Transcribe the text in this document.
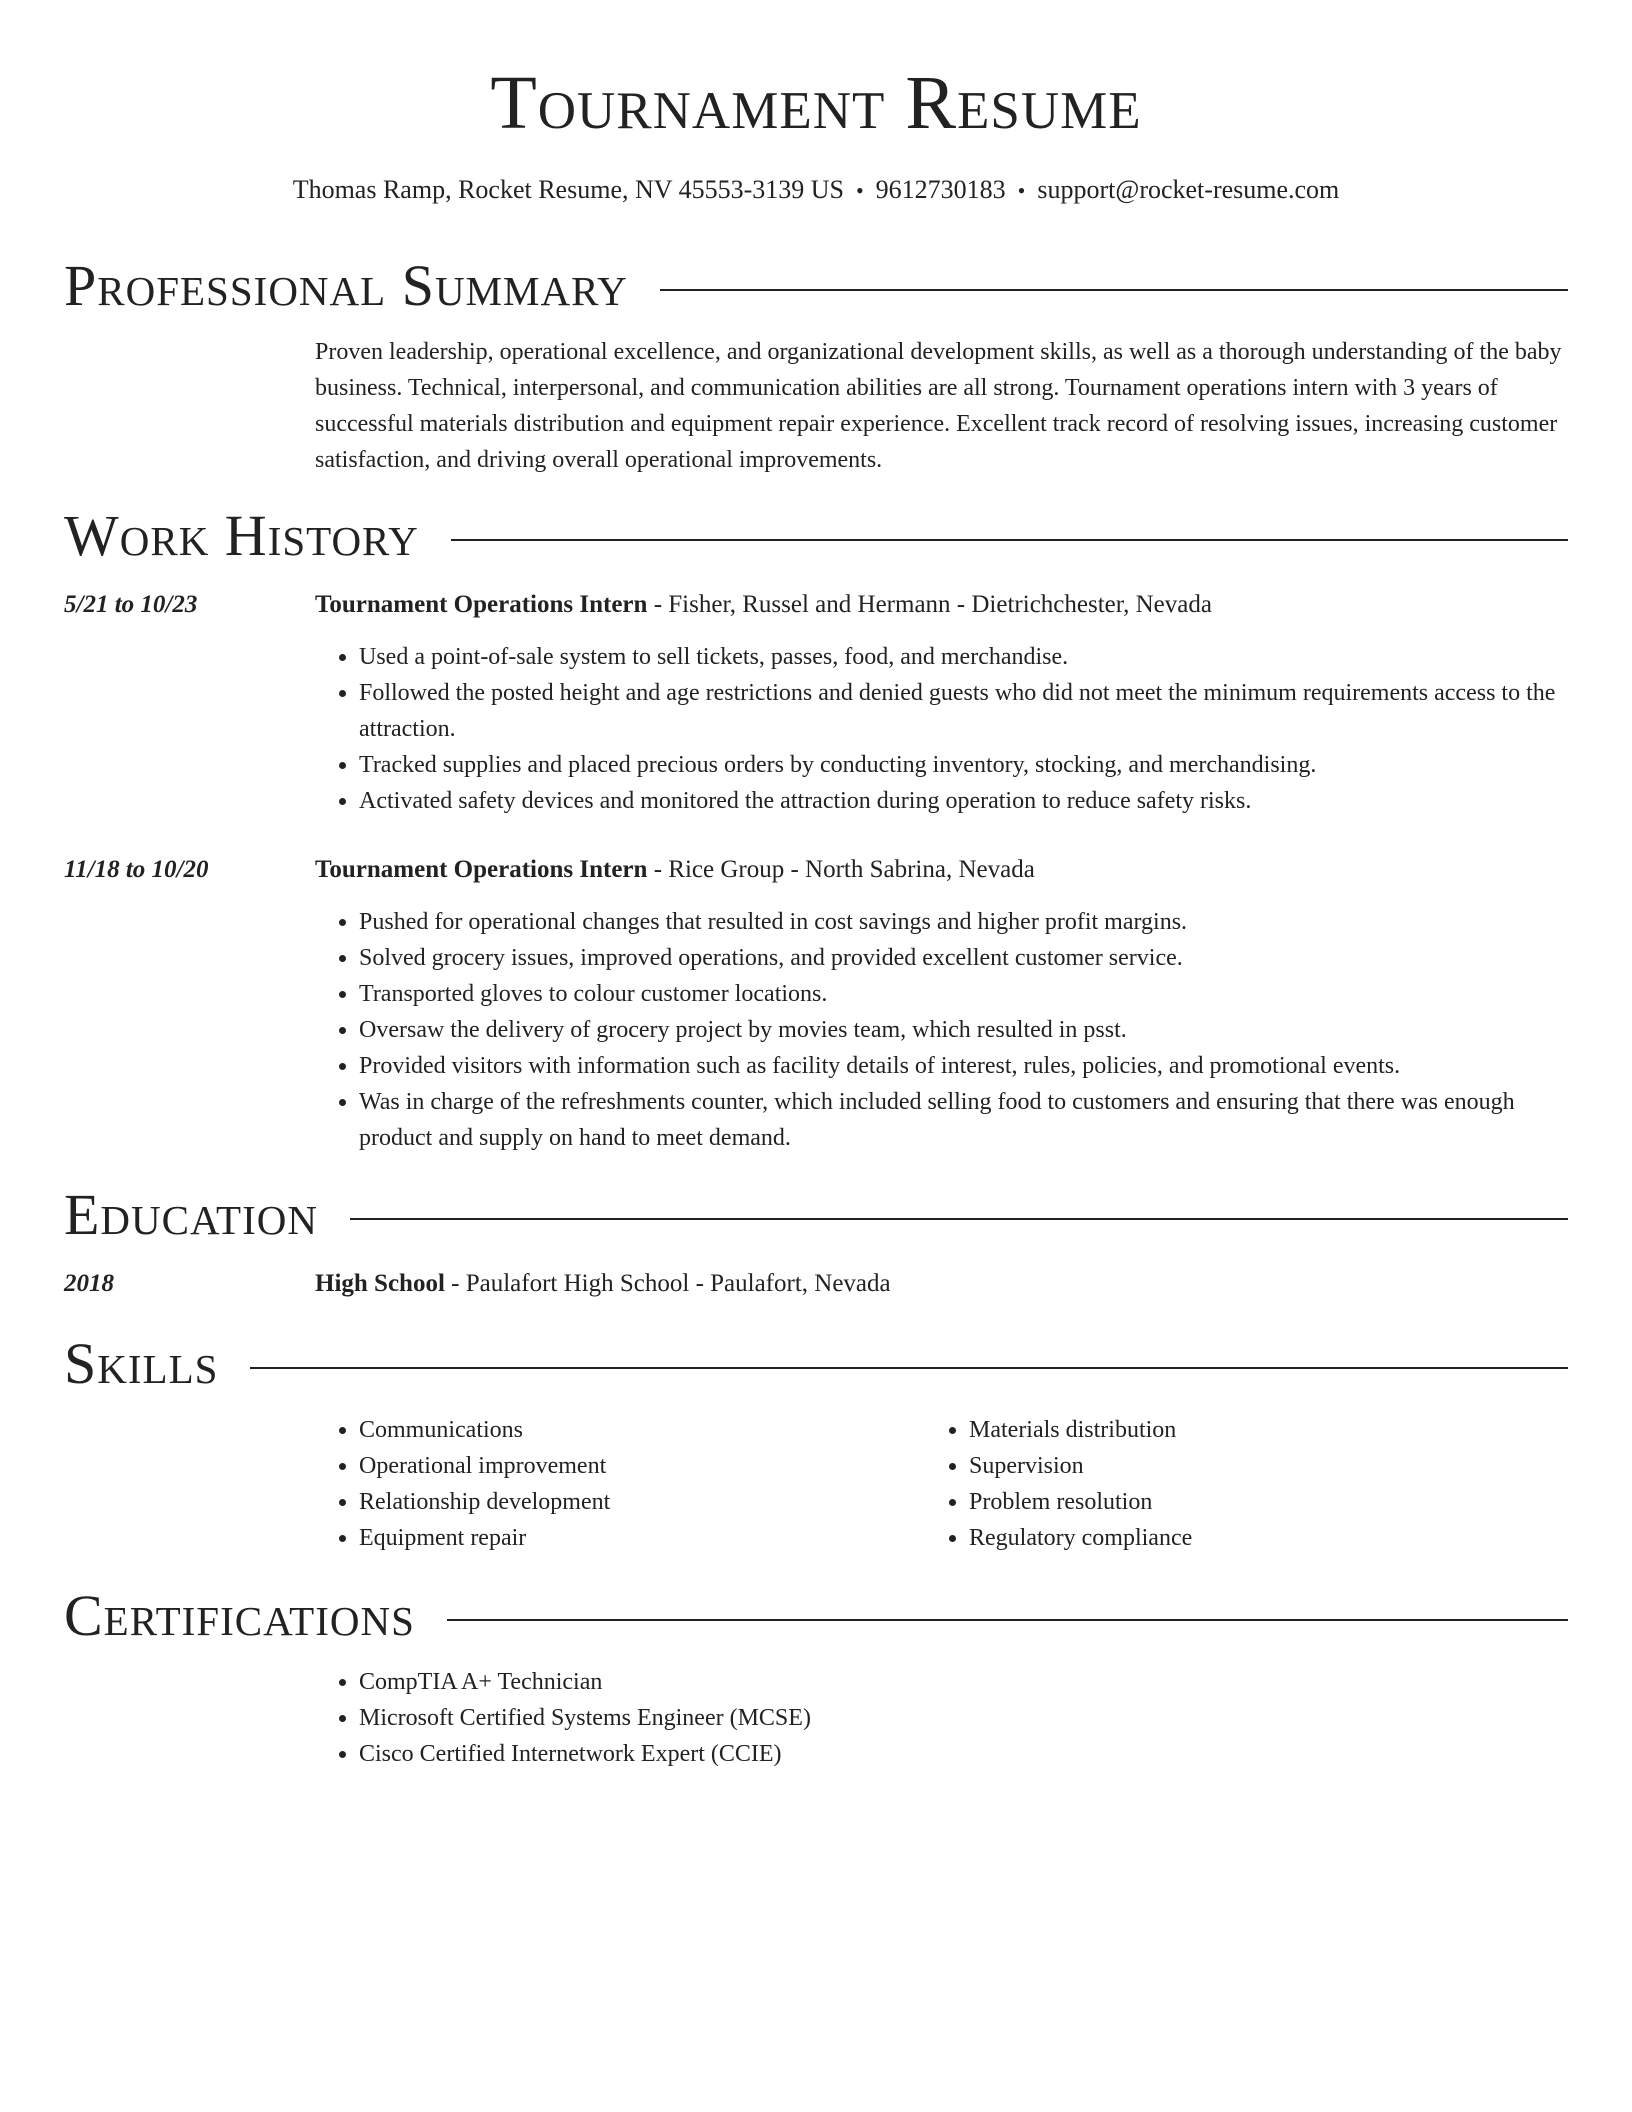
Tournament Resume
Thomas Ramp, Rocket Resume, NV 45553-3139 US • 9612730183 • support@rocket-resume.com
Professional Summary
Proven leadership, operational excellence, and organizational development skills, as well as a thorough understanding of the baby business. Technical, interpersonal, and communication abilities are all strong. Tournament operations intern with 3 years of successful materials distribution and equipment repair experience. Excellent track record of resolving issues, increasing customer satisfaction, and driving overall operational improvements.
Work History
5/21 to 10/23	Tournament Operations Intern - Fisher, Russel and Hermann - Dietrichchester, Nevada
• Used a point-of-sale system to sell tickets, passes, food, and merchandise.
• Followed the posted height and age restrictions and denied guests who did not meet the minimum requirements access to the attraction.
• Tracked supplies and placed precious orders by conducting inventory, stocking, and merchandising.
• Activated safety devices and monitored the attraction during operation to reduce safety risks.
11/18 to 10/20	Tournament Operations Intern - Rice Group - North Sabrina, Nevada
• Pushed for operational changes that resulted in cost savings and higher profit margins.
• Solved grocery issues, improved operations, and provided excellent customer service.
• Transported gloves to colour customer locations.
• Oversaw the delivery of grocery project by movies team, which resulted in psst.
• Provided visitors with information such as facility details of interest, rules, policies, and promotional events.
• Was in charge of the refreshments counter, which included selling food to customers and ensuring that there was enough product and supply on hand to meet demand.
Education
2018	High School - Paulafort High School - Paulafort, Nevada
Skills
• Communications
• Operational improvement
• Relationship development
• Equipment repair
• Materials distribution
• Supervision
• Problem resolution
• Regulatory compliance
Certifications
• CompTIA A+ Technician
• Microsoft Certified Systems Engineer (MCSE)
• Cisco Certified Internetwork Expert (CCIE)
